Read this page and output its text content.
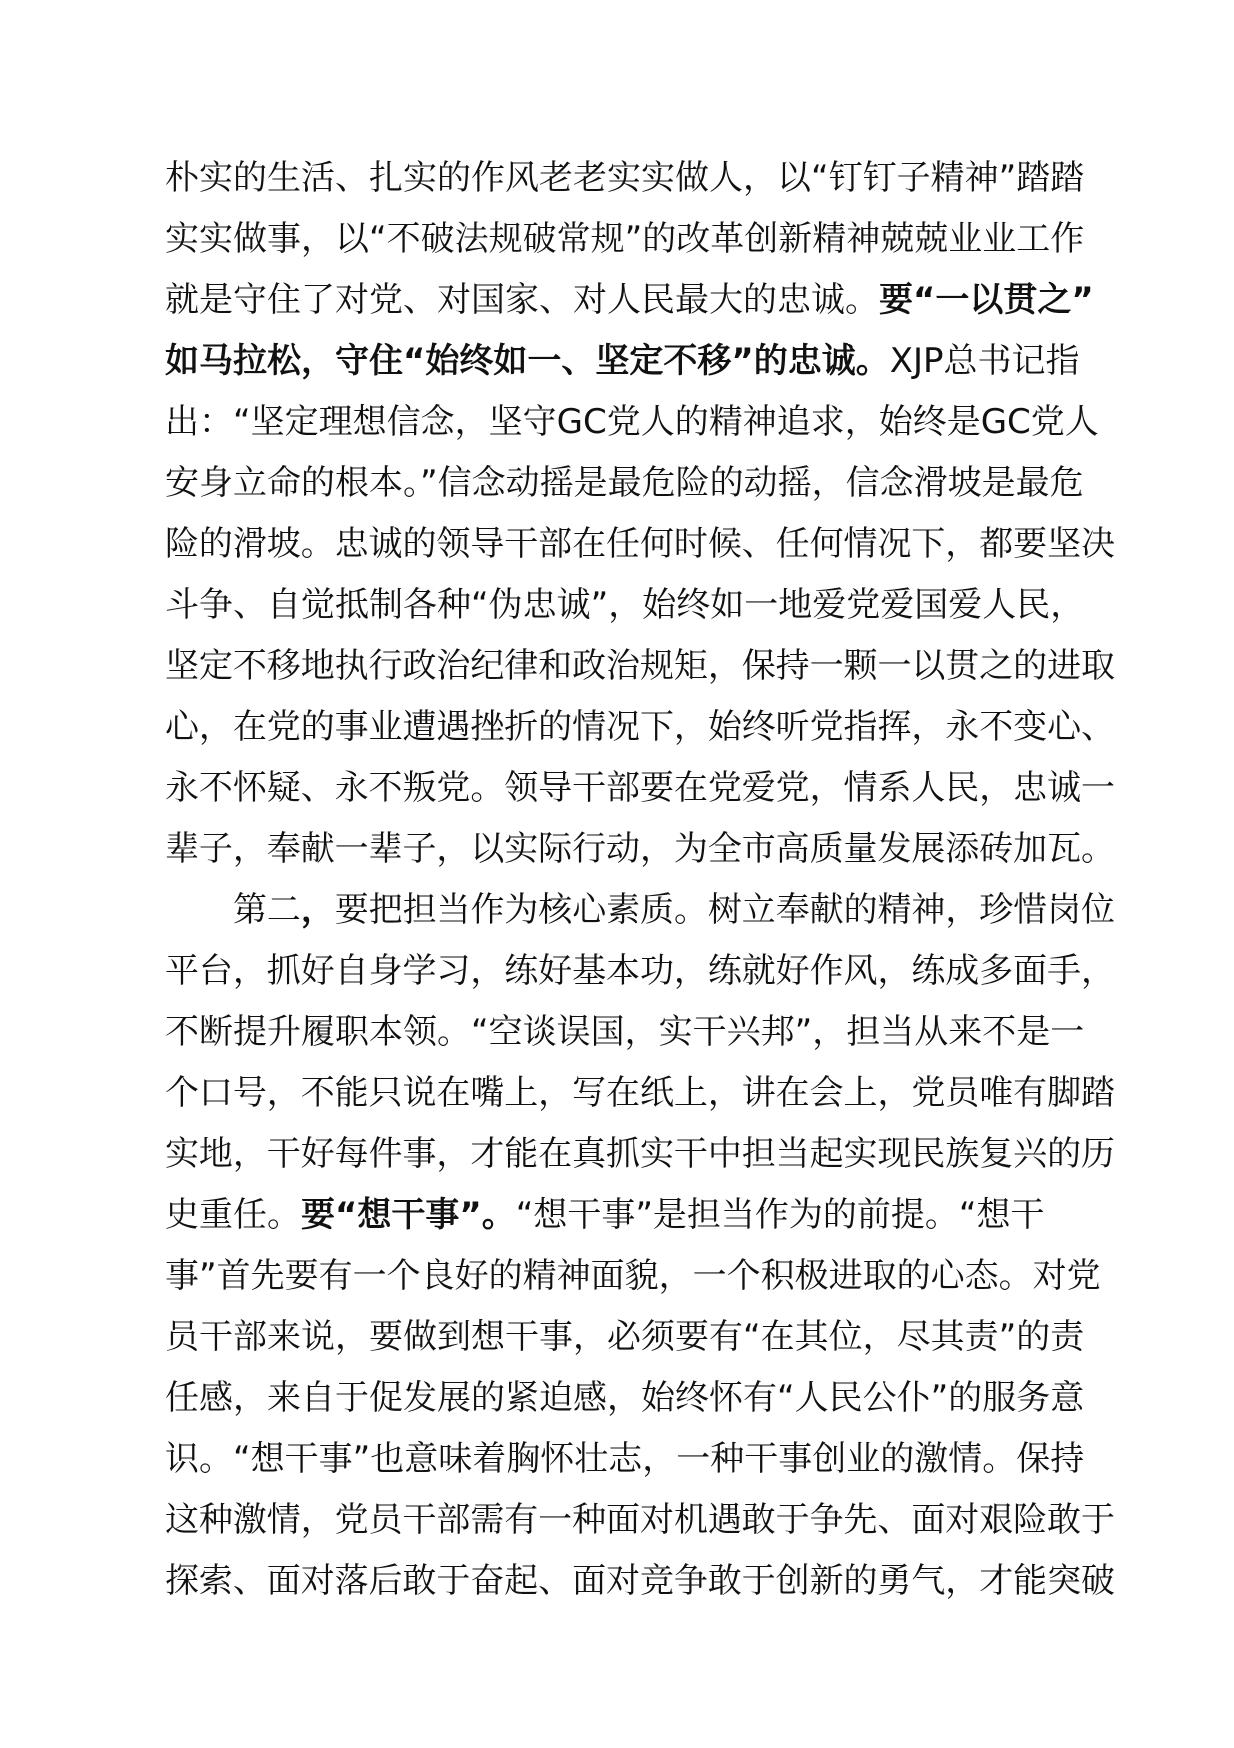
朴实的生活、扎实的作风老老实实做人，以“钉钉子精神”踏踏
实实做事，以“不破法规破常规”的改革创新精神兢兢业业工作
就是守住了对党、对国家、对人民最大的忠诚。要“一以贯之”
如马拉松，守住“始终如一、坚定不移”的忠诚。XJP总书记指
出：“坚定理想信念，坚守GC党人的精神追求，始终是GC党人
安身立命的根本。”信念动摇是最危险的动摇，信念滑坡是最危
险的滑坡。忠诚的领导干部在任何时候、任何情况下，都要坚决
斗争、自觉抵制各种“伪忠诚”，始终如一地爱党爱国爱人民，
坚定不移地执行政治纪律和政治规矩，保持一颗一以贯之的进取
心，在党的事业遭遇挫折的情况下，始终听党指挥，永不变心、
永不怀疑、永不叛党。领导干部要在党爱党，情系人民，忠诚一
辈子，奉献一辈子，以实际行动，为全市高质量发展添砖加瓦。
第二，要把担当作为核心素质。树立奉献的精神，珍惜岗位
平台，抓好自身学习，练好基本功，练就好作风，练成多面手，
不断提升履职本领。“空谈误国，实干兴邦”，担当从来不是一
个口号，不能只说在嘴上，写在纸上，讲在会上，党员唯有脚踏
实地，干好每件事，才能在真抓实干中担当起实现民族复兴的历
史重任。要“想干事”。“想干事”是担当作为的前提。“想干
事”首先要有一个良好的精神面貌，一个积极进取的心态。对党
员干部来说，要做到想干事，必须要有“在其位，尽其责”的责
任感，来自于促发展的紧迫感，始终怀有“人民公仆”的服务意
识。“想干事”也意味着胸怀壮志，一种干事创业的激情。保持
这种激情，党员干部需有一种面对机遇敢于争先、面对艰险敢于
探索、面对落后敢于奋起、面对竞争敢于创新的勇气，才能突破
